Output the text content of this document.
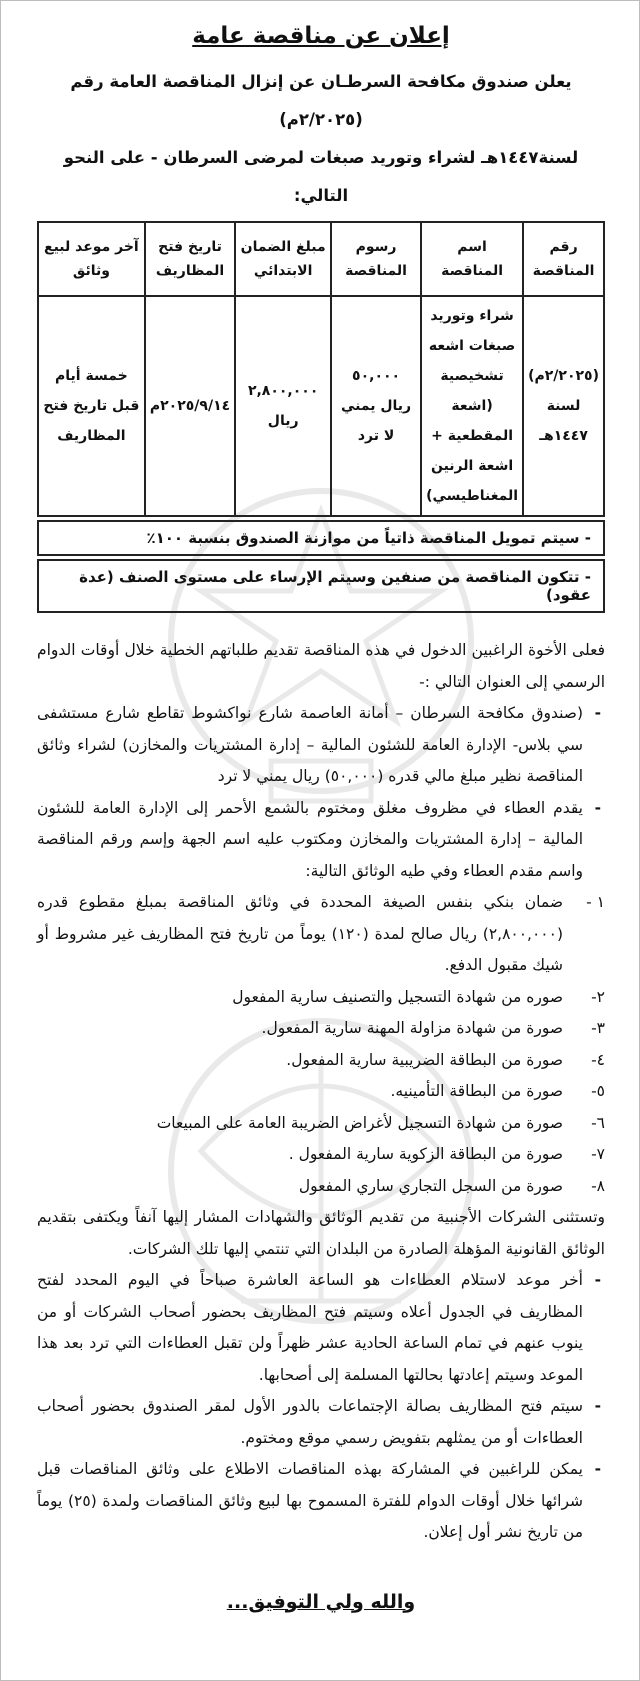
إعلان عن مناقصة عامة

يعلن صندوق مكافحة السرطـان عن إنزال المناقصة العامة رقم (٢/٢٠٢٥م)

لسنة١٤٤٧هـ لشراء وتوريد صبغات لمرضى السرطان - على النحو التالي:

رقم المناقصة	اسم المناقصة	رسوم المناقصة	مبلغ الضمان الابتدائي	تاريخ فتح المظاريف	آخر موعد لبيع وثائق
(٢/٢٠٢٥م) لسنة ١٤٤٧هـ	شراء وتوريد صبغات اشعه تشخيصية (اشعة المقطعية + اشعة الرنين المغناطيسي)	٥٠,٠٠٠ ريال يمني لا ترد	٢,٨٠٠,٠٠٠ ريال	٢٠٢٥/٩/١٤م	خمسة أيام قبل تاريخ فتح المظاريف
- سيتم تمويل المناقصة ذاتياً من موازنة الصندوق بنسبة ١٠٠٪
- تتكون المناقصة من صنفين وسيتم الإرساء على مستوى الصنف (عدة عقود)

فعلى الأخوة الراغبين الدخول في هذه المناقصة تقديم طلباتهم الخطية خلال أوقات الدوام الرسمي إلى العنوان التالي :-

- (صندوق مكافحة السرطان – أمانة العاصمة شارع نواكشوط تقاطع شارع مستشفى سي بلاس- الإدارة العامة للشئون المالية – إدارة المشتريات والمخازن) لشراء وثائق المناقصة نظير مبلغ مالي قدره (٥٠,٠٠٠) ريال يمني لا ترد
- يقدم العطاء في مظروف مغلق ومختوم بالشمع الأحمر إلى الإدارة العامة للشئون المالية – إدارة المشتريات والمخازن ومكتوب عليه اسم الجهة وإسم ورقم المناقصة واسم مقدم العطاء وفي طيه الوثائق التالية:
١ -
ضمان بنكي بنفس الصيغة المحددة في وثائق المناقصة بمبلغ مقطوع قدره (٢,٨٠٠,٠٠٠) ريال صالح لمدة (١٢٠) يوماً من تاريخ فتح المظاريف غير مشروط أو شيك مقبول الدفع.
٢-
صوره من شهادة التسجيل والتصنيف سارية المفعول
٣-
صورة من شهادة مزاولة المهنة سارية المفعول.
٤-
صورة من البطاقة الضريبية سارية المفعول.
٥-
صورة من البطاقة التأمينيه.
٦-
صورة من شهادة التسجيل لأغراض الضريبة العامة على المبيعات
٧-
صورة من البطاقة الزكوية سارية المفعول .
٨-
صورة من السجل التجاري ساري المفعول

وتستثنى الشركات الأجنبية من تقديم الوثائق والشهادات المشار إليها آنفاً ويكتفى بتقديم الوثائق القانونية المؤهلة الصادرة من البلدان التي تنتمي إليها تلك الشركات.

- أخر موعد لاستلام العطاءات هو الساعة العاشرة صباحاً في اليوم المحدد لفتح المظاريف في الجدول أعلاه وسيتم فتح المظاريف بحضور أصحاب الشركات أو من ينوب عنهم في تمام الساعة الحادية عشر ظهراً ولن تقبل العطاءات التي ترد بعد هذا الموعد وسيتم إعادتها بحالتها المسلمة إلى أصحابها.
- سيتم فتح المظاريف بصالة الإجتماعات بالدور الأول لمقر الصندوق بحضور أصحاب العطاءات أو من يمثلهم بتفويض رسمي موقع ومختوم.
- يمكن للراغبين في المشاركة بهذه المناقصات الاطلاع على وثائق المناقصات قبل شرائها خلال أوقات الدوام للفترة المسموح بها لبيع وثائق المناقصات ولمدة (٢٥) يوماً من تاريخ نشر أول إعلان.
والله ولي التوفيق...
